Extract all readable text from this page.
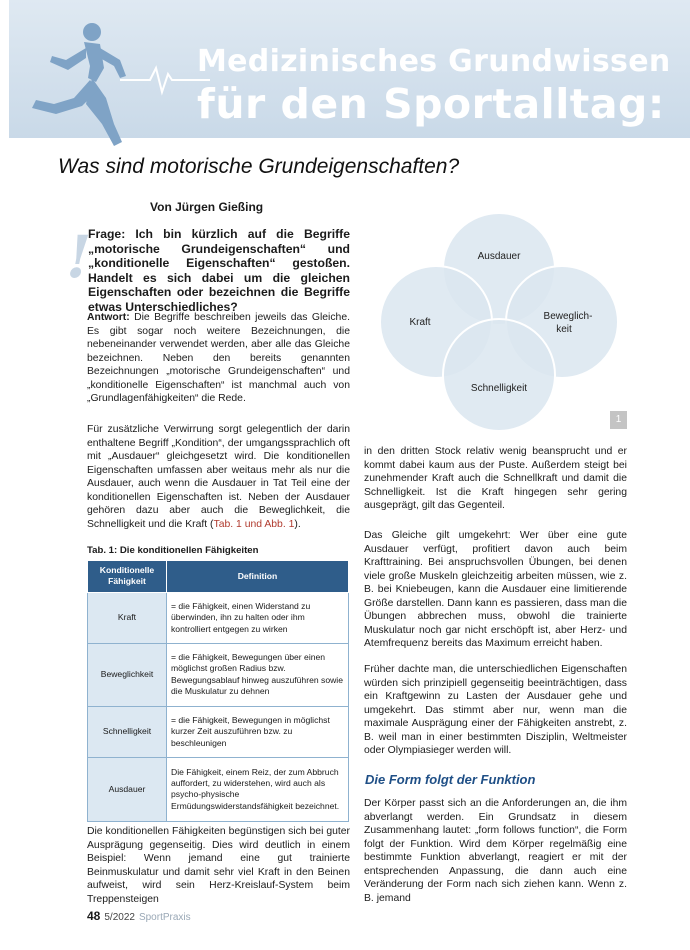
Medizinisches Grundwissen
für den Sportalltag:
Was sind motorische Grundeigenschaften?
Von Jürgen Gießing
!
Frage: Ich bin kürzlich auf die Begriffe „motorische Grundeigenschaften“ und „konditionelle Eigenschaften“ gestoßen. Handelt es sich dabei um die gleichen Eigenschaften oder bezeichnen die Begriffe etwas Unterschiedliches?
Antwort: Die Begriffe beschreiben jeweils das Gleiche. Es gibt sogar noch weitere Bezeichnungen, die nebeneinander verwendet werden, aber alle das Gleiche bezeichnen. Neben den bereits genannten Bezeichnungen „motorische Grundeigenschaften“ und „konditionelle Eigenschaften“ ist manchmal auch von „Grundlagenfähigkeiten“ die Rede.
Für zusätzliche Verwirrung sorgt gelegentlich der darin enthaltene Begriff „Kondition“, der umgangssprachlich oft mit „Ausdauer“ gleichgesetzt wird. Die konditionellen Eigenschaften umfassen aber weitaus mehr als nur die Ausdauer, auch wenn die Ausdauer in Tat Teil eine der konditionellen Eigenschaften ist. Neben der Ausdauer gehören dazu aber auch die Beweglichkeit, die Schnelligkeit und die Kraft (Tab. 1 und Abb. 1).
Tab. 1: Die konditionellen Fähigkeiten
Konditionelle
Fähigkeit	Definition
Kraft	= die Fähigkeit, einen Widerstand zu überwinden, ihn zu halten oder ihm kontrolliert entgegen zu wirken
Beweglichkeit	= die Fähigkeit, Bewegungen über einen möglichst großen Radius bzw. Bewegungsablauf hinweg auszuführen sowie die Muskulatur zu dehnen
Schnelligkeit	= die Fähigkeit, Bewegungen in möglichst kurzer Zeit auszuführen bzw. zu beschleunigen
Ausdauer	Die Fähigkeit, einem Reiz, der zum Abbruch auffordert, zu widerstehen, wird auch als psycho-physische Ermüdungswiderstandsfähigkeit bezeichnet.
Die konditionellen Fähigkeiten begünstigen sich bei guter Ausprägung gegenseitig. Dies wird deutlich in einem Beispiel: Wenn jemand eine gut trainierte Beinmuskulatur und damit sehr viel Kraft in den Beinen aufweist, wird sein Herz-Kreislauf-System beim Treppensteigen
Ausdauer
Kraft
Beweglich-
keit
Schnelligkeit
1
in den dritten Stock relativ wenig beansprucht und er kommt dabei kaum aus der Puste. Außerdem steigt bei zunehmender Kraft auch die Schnellkraft und damit die Schnelligkeit. Ist die Kraft hingegen sehr gering ausgeprägt, gilt das Gegenteil.
Das Gleiche gilt umgekehrt: Wer über eine gute Ausdauer verfügt, profitiert davon auch beim Krafttraining. Bei anspruchsvollen Übungen, bei denen viele große Muskeln gleichzeitig arbeiten müssen, wie z. B. bei Kniebeugen, kann die Ausdauer eine limitierende Größe darstellen. Dann kann es passieren, dass man die Übungen abbrechen muss, obwohl die trainierte Muskulatur noch gar nicht erschöpft ist, aber Herz- und Atemfrequenz bereits das Maximum erreicht haben.
Früher dachte man, die unterschiedlichen Eigenschaften würden sich prinzipiell gegenseitig beeinträchtigen, dass ein Kraftgewinn zu Lasten der Ausdauer gehe und umgekehrt. Das stimmt aber nur, wenn man die maximale Ausprägung einer der Fähigkeiten anstrebt, z. B. weil man in einer bestimmten Disziplin, Weltmeister oder Olympiasieger werden will.
Die Form folgt der Funktion
Der Körper passt sich an die Anforderungen an, die ihm abverlangt werden. Ein Grundsatz in diesem Zusammenhang lautet: „form follows function“, die Form folgt der Funktion. Wird dem Körper regelmäßig eine bestimmte Funktion abverlangt, reagiert er mit der entsprechenden Anpassung, die dann auch eine Veränderung der Form nach sich ziehen kann. Wenn z. B. jemand
48 5/2022 SportPraxis
